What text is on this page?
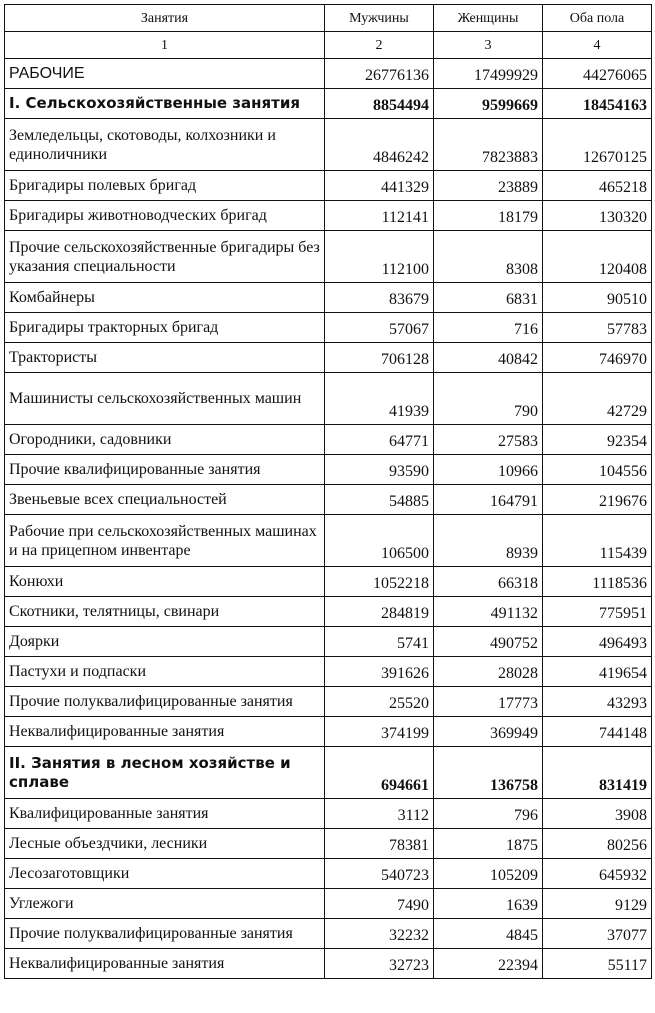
Занятия	Мужчины	Женщины	Оба пола
1	2	3	4
РАБОЧИЕ	26776136	17499929	44276065
I. Сельскохозяйственные занятия	8854494	9599669	18454163
Земледельцы, скотоводы, колхозники и единоличники	4846242	7823883	12670125
Бригадиры полевых бригад	441329	23889	465218
Бригадиры животноводческих бригад	112141	18179	130320
Прочие сельскохозяйственные бригадиры без указания специальности	112100	8308	120408
Комбайнеры	83679	6831	90510
Бригадиры тракторных бригад	57067	716	57783
Трактористы	706128	40842	746970
Машинисты сельскохозяйственных машин	41939	790	42729
Огородники, садовники	64771	27583	92354
Прочие квалифицированные занятия	93590	10966	104556
Звеньевые всех специальностей	54885	164791	219676
Рабочие при сельскохозяйственных машинах и на прицепном инвентаре	106500	8939	115439
Конюхи	1052218	66318	1118536
Скотники, телятницы, свинари	284819	491132	775951
Доярки	5741	490752	496493
Пастухи и подпаски	391626	28028	419654
Прочие полуквалифицированные занятия	25520	17773	43293
Неквалифицированные занятия	374199	369949	744148
II. Занятия в лесном хозяйстве и сплаве	694661	136758	831419
Квалифицированные занятия	3112	796	3908
Лесные объездчики, лесники	78381	1875	80256
Лесозаготовщики	540723	105209	645932
Углежоги	7490	1639	9129
Прочие полуквалифицированные занятия	32232	4845	37077
Неквалифицированные занятия	32723	22394	55117
